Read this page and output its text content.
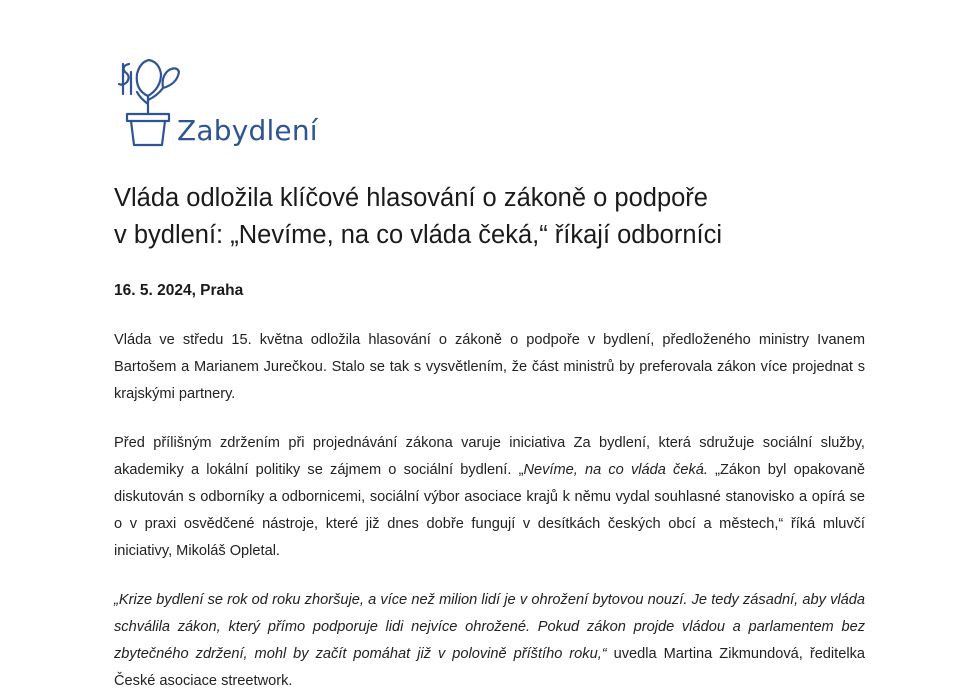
Zabydlení
Vláda odložila klíčové hlasování o zákoně o podpoře
v bydlení: „Nevíme, na co vláda čeká,“ říkají odborníci
16. 5. 2024, Praha

Vláda ve středu 15. května odložila hlasování o zákoně o podpoře v bydlení, předloženého ministry Ivanem Bartošem a Marianem Jurečkou. Stalo se tak s vysvětlením, že část ministrů by preferovala zákon více projednat s krajskými partnery.

Před přílišným zdržením při projednávání zákona varuje iniciativa Za bydlení, která sdružuje sociální služby, akademiky a lokální politiky se zájmem o sociální bydlení. „Nevíme, na co vláda čeká. „Zákon byl opakovaně diskutován s odborníky a odbornicemi, sociální výbor asociace krajů k němu vydal souhlasné stanovisko a opírá se o v praxi osvědčené nástroje, které již dnes dobře fungují v desítkách českých obcí a městech,“ říká mluvčí iniciativy, Mikoláš Opletal.

„Krize bydlení se rok od roku zhoršuje, a více než milion lidí je v ohrožení bytovou nouzí. Je tedy zásadní, aby vláda schválila zákon, který přímo podporuje lidi nejvíce ohrožené. Pokud zákon projde vládou a parlamentem bez zbytečného zdržení, mohl by začít pomáhat již v polovině příštího roku,“ uvedla Martina Zikmundová, ředitelka České asociace streetwork.
